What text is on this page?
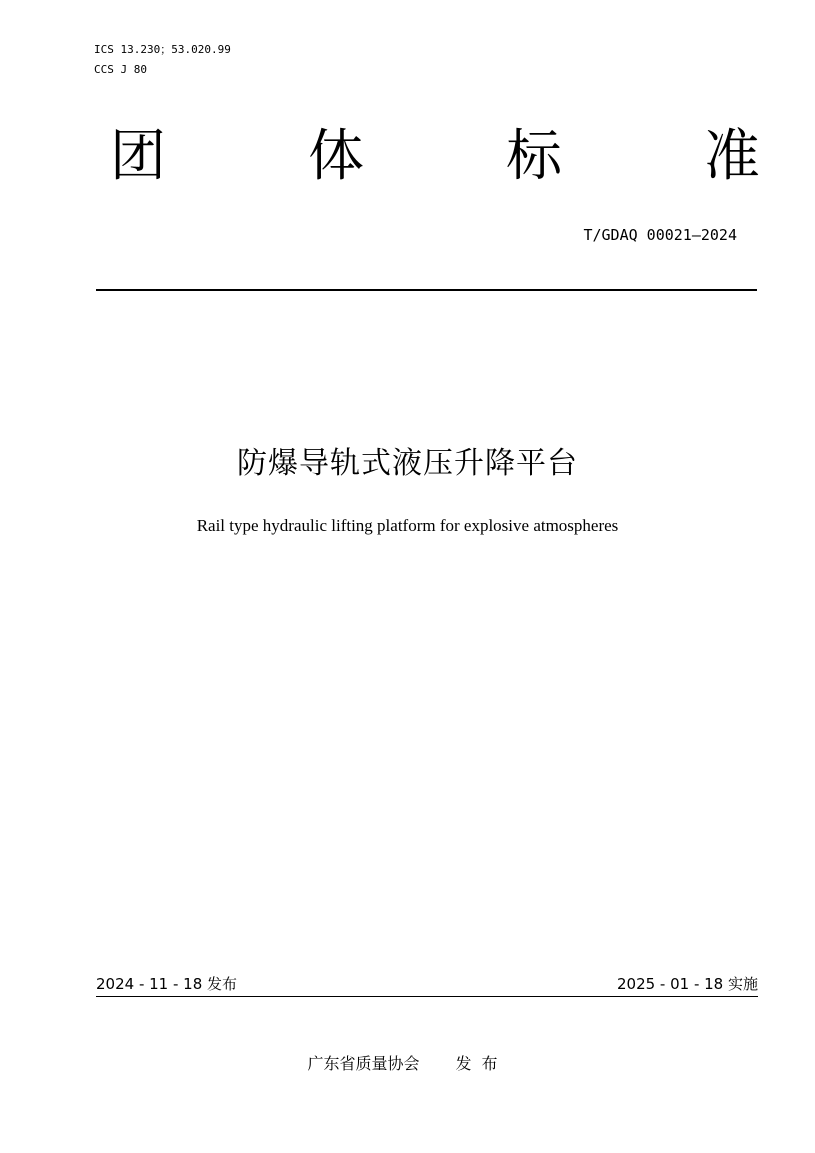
ICS 13.230；53.020.99
CCS J 80
团	体	标	准
T/GDAQ 00021—2024
防爆导轨式液压升降平台
Rail type hydraulic lifting platform for explosive atmospheres
2024 - 11 - 18 发布	2025 - 01 - 18 实施
广东省质量协会 发布
